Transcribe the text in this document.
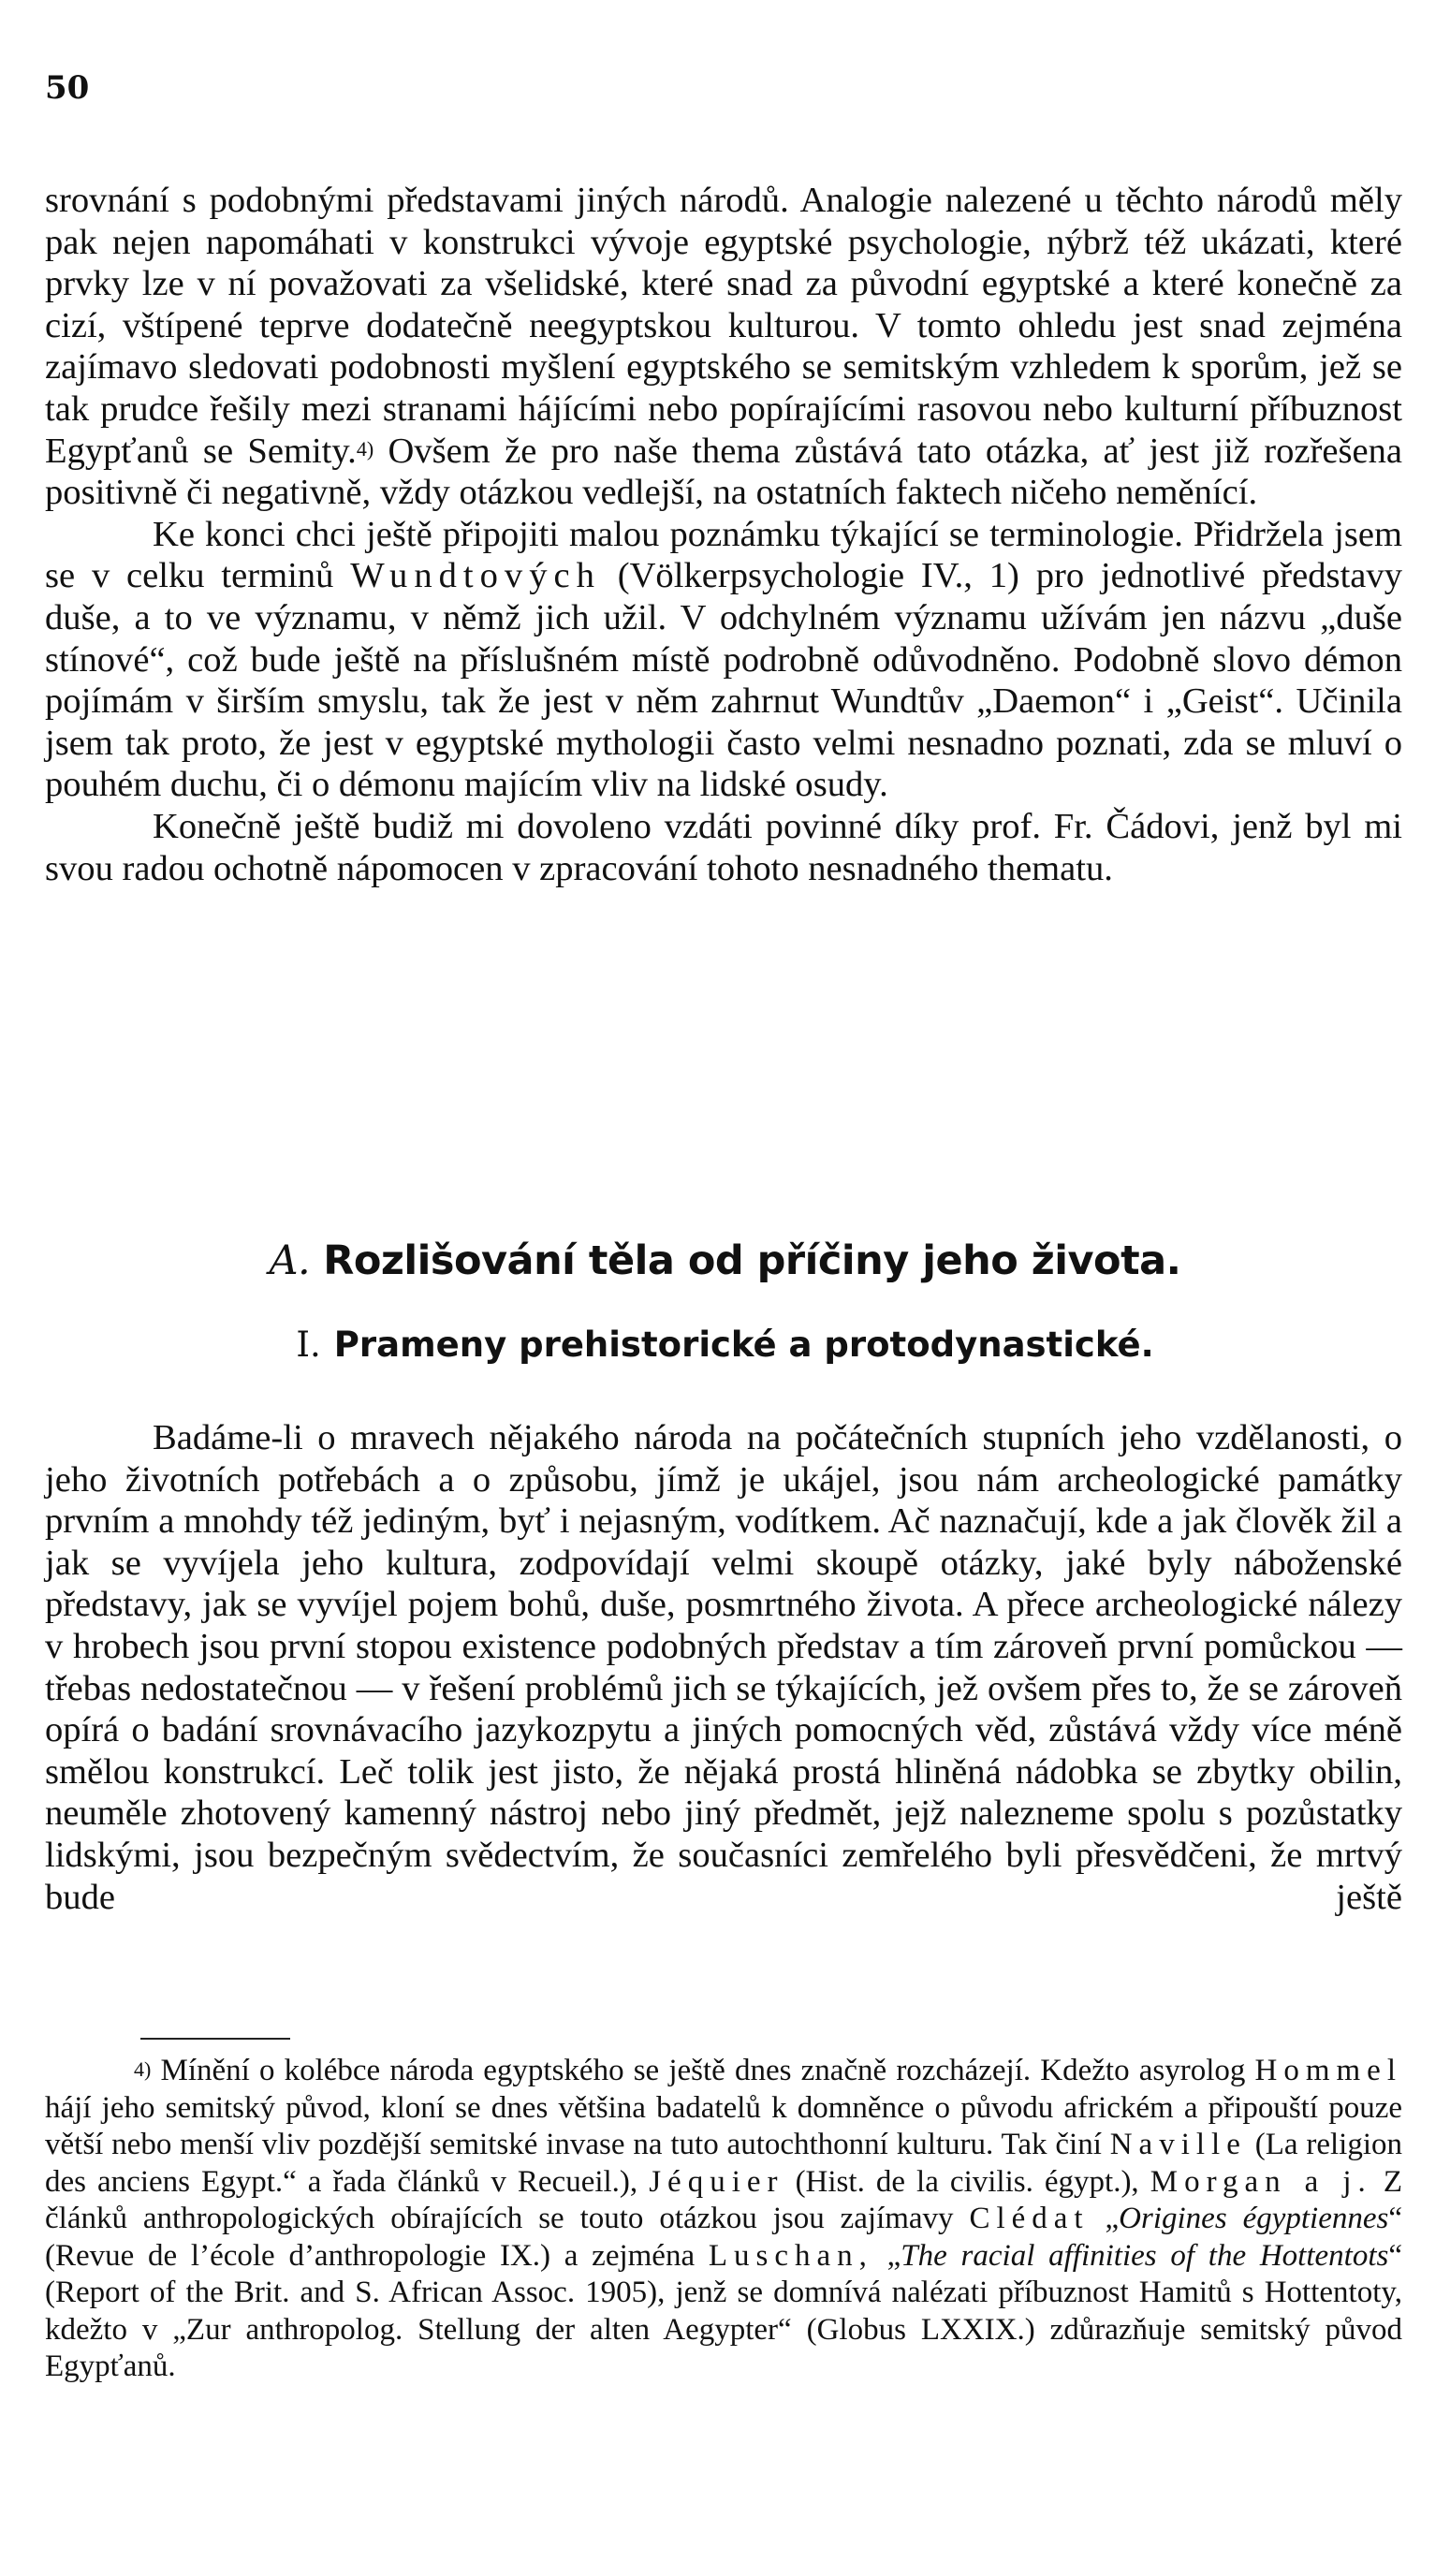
50

srovnání s podobnými představami jiných národů. Analogie nalezené u těchto národů měly pak nejen napomáhati v konstrukci vývoje egyptské psychologie, nýbrž též ukázati, které prvky lze v ní považovati za všelidské, které snad za původní egyptské a které konečně za cizí, vštípené teprve dodatečně neegyptskou kulturou. V tomto ohledu jest snad zejména zajímavo sledovati podobnosti myšlení egyptského se semitským vzhledem k sporům, jež se tak prudce řešily mezi stranami hájícími nebo popírajícími rasovou nebo kulturní příbuznost Egypťanů se Semity.$^{4)}$ Ovšem že pro naše thema zůstává tato otázka, ať jest již rozřešena positivně či negativně, vždy otázkou vedlejší, na ostatních faktech ničeho neměnící.

Ke konci chci ještě připojiti malou poznámku týkající se terminologie. Přidržela jsem se v celku terminů Wundtových (Völkerpsychologie IV., 1) pro jednotlivé představy duše, a to ve významu, v němž jich užil. V odchylném významu užívám jen názvu „duše stínové“, což bude ještě na příslušném místě podrobně odůvodněno. Podobně slovo démon pojímám v širším smyslu, tak že jest v něm zahrnut Wundtův „Daemon“ i „Geist“. Učinila jsem tak proto, že jest v egyptské mythologii často velmi nesnadno poznati, zda se mluví o pouhém duchu, či o démonu majícím vliv na lidské osudy.

Konečně ještě budiž mi dovoleno vzdáti povinné díky prof. Fr. Čádovi, jenž byl mi svou radou ochotně nápomocen v zpracování tohoto nesnadného thematu.

A. Rozlišování těla od příčiny jeho života.
I. Prameny prehistorické a protodynastické.

Badáme-li o mravech nějakého národa na počátečních stupních jeho vzdělanosti, o jeho životních potřebách a o způsobu, jímž je ukájel, jsou nám archeologické památky prvním a mnohdy též jediným, byť i nejasným, vodítkem. Ač naznačují, kde a jak člověk žil a jak se vyvíjela jeho kultura, zodpovídají velmi skoupě otázky, jaké byly náboženské představy, jak se vyvíjel pojem bohů, duše, posmrtného života. A přece archeologické nálezy v hrobech jsou první stopou existence podobných představ a tím zároveň první pomůckou — třebas nedostatečnou — v řešení problémů jich se týkajících, jež ovšem přes to, že se zároveň opírá o badání srovnávacího jazykozpytu a jiných pomocných věd, zůstává vždy více méně smělou konstrukcí. Leč tolik jest jisto, že nějaká prostá hliněná nádobka se zbytky obilin, neuměle zhotovený kamenný nástroj nebo jiný předmět, jejž nalezneme spolu s pozůstatky lidskými, jsou bezpečným svědectvím, že současníci zemřelého byli přesvědčeni, že mrtvý bude ještě

$^{4)}$ Mínění o kolébce národa egyptského se ještě dnes značně rozcházejí. Kdežto asyrolog Hommel hájí jeho semitský původ, kloní se dnes většina badatelů k domněnce o původu africkém a připouští pouze větší nebo menší vliv pozdější semitské invase na tuto autochthonní kulturu. Tak činí Naville (La religion des anciens Egypt.“ a řada článků v Recueil.), Jéquier (Hist. de la civilis. égypt.), Morgan a j. Z článků anthropologických obírajících se touto otázkou jsou zajímavy Clédat „Origines égyptiennes“ (Revue de l’école d’anthropologie IX.) a zejména Luschan, „The racial affinities of the Hottentots“ (Report of the Brit. and S. African Assoc. 1905), jenž se domnívá nalézati příbuznost Hamitů s Hottentoty, kdežto v „Zur anthropolog. Stellung der alten Aegypter“ (Globus LXXIX.) zdůrazňuje semitský původ Egypťanů.
